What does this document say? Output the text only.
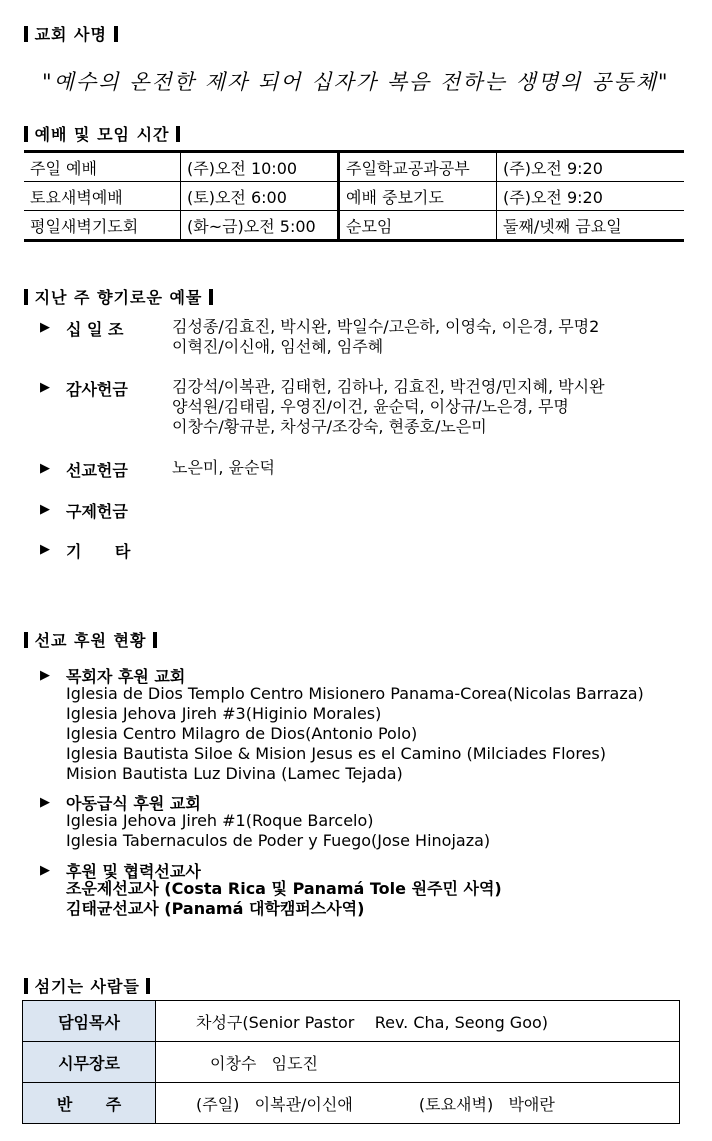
교회 사명
"예수의 온전한 제자 되어 십자가 복음 전하는 생명의 공동체"
예배 및 모임 시간
주일 예배	(주)오전 10:00	주일학교공과공부	(주)오전 9:20
토요새벽예배	(토)오전 6:00	예배 중보기도	(주)오전 9:20
평일새벽기도회	(화~금)오전 5:00	순모임	둘째/넷째 금요일
지난 주 향기로운 예물
▶ 십 일 조	김성종/김효진, 박시완, 박일수/고은하, 이영숙, 이은경, 무명2
이혁진/이신애, 임선혜, 임주혜
▶ 감사헌금	김강석/이복관, 김태헌, 김하나, 김효진, 박건영/민지혜, 박시완
양석원/김태림, 우영진/이건, 윤순덕, 이상규/노은경, 무명
이창수/황규분, 차성구/조강숙, 현종호/노은미
▶ 선교헌금	노은미, 윤순덕
▶ 구제헌금
▶ 기      타
선교 후원 현황
▶ 목회자 후원 교회
Iglesia de Dios Templo Centro Misionero Panama-Corea(Nicolas Barraza)
Iglesia Jehova Jireh #3(Higinio Morales)
Iglesia Centro Milagro de Dios(Antonio Polo)
Iglesia Bautista Siloe & Mision Jesus es el Camino (Milciades Flores)
Mision Bautista Luz Divina (Lamec Tejada)
▶ 아동급식 후원 교회
Iglesia Jehova Jireh #1(Roque Barcelo)
Iglesia Tabernaculos de Poder y Fuego(Jose Hinojaza)
▶ 후원 및 협력선교사
조운제선교사 (Costa Rica 및 Panamá Tole 원주민 사역)
김태균선교사 (Panamá 대학캠퍼스사역)
섬기는 사람들
담임목사	차성구(Senior Pastor    Rev. Cha, Seong Goo)
시무장로	이창수   임도진
반      주	(주일)   이복관/이신애             (토요새벽)   박애란
